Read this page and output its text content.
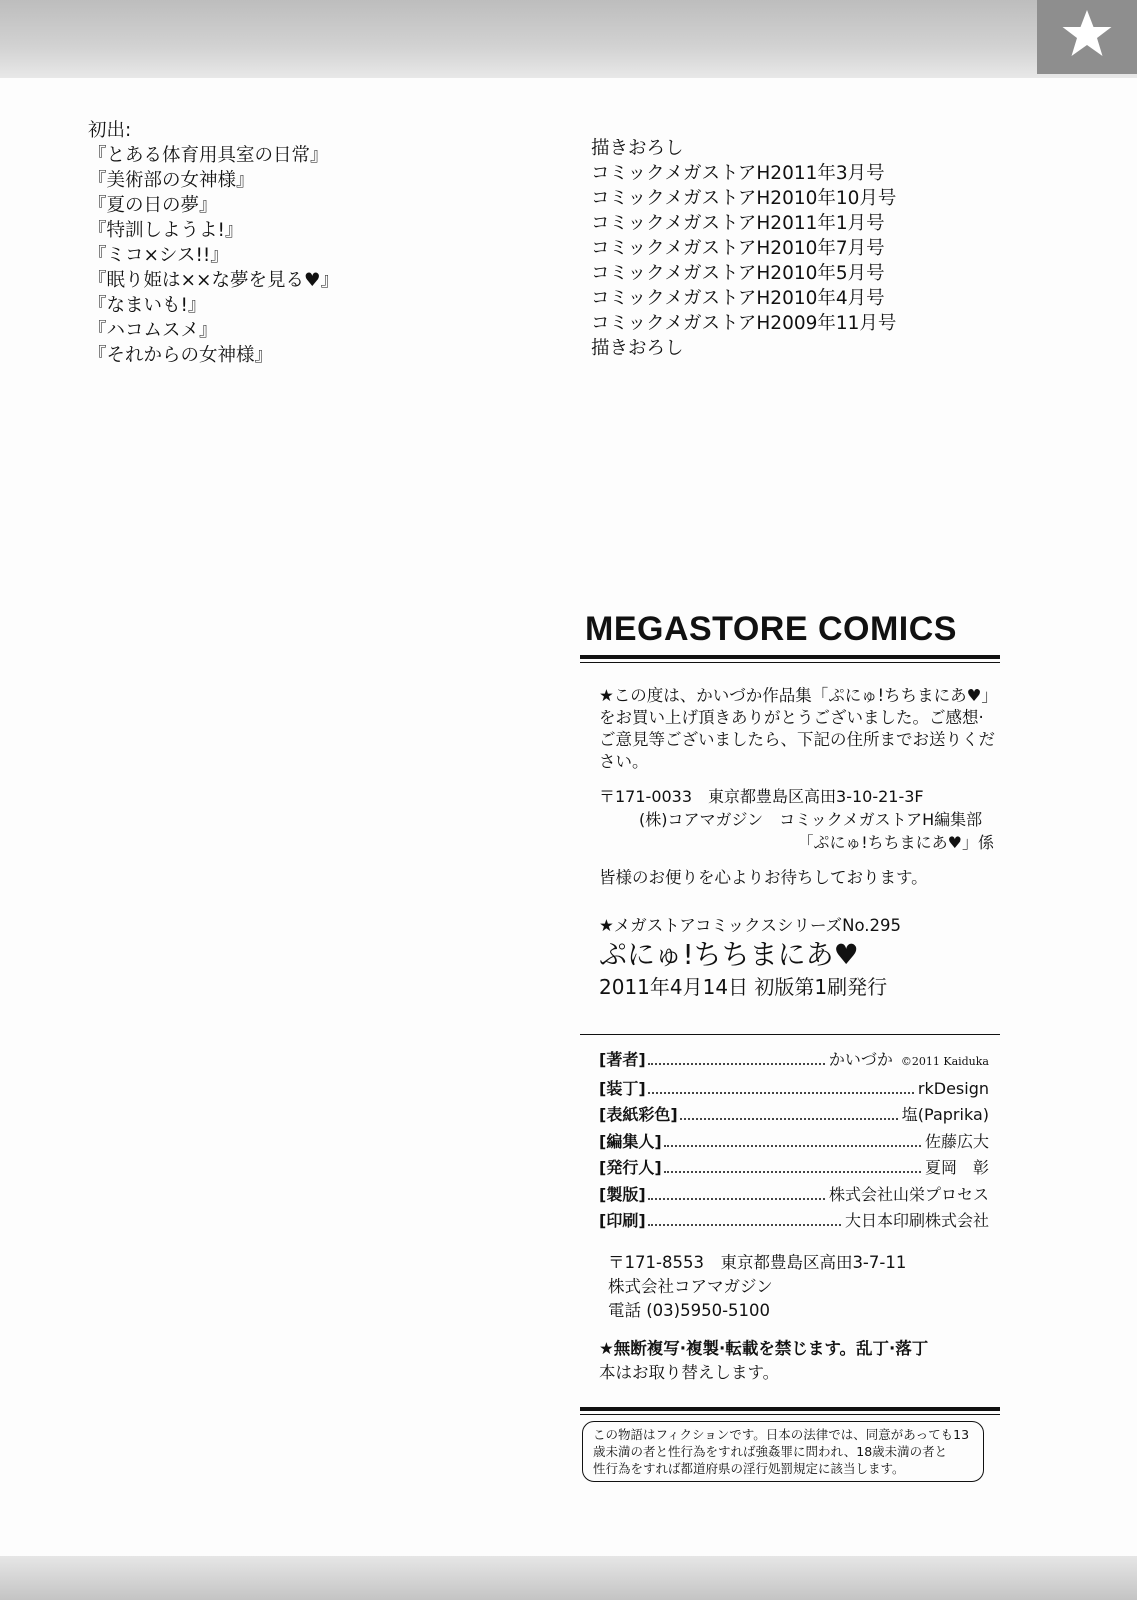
初出:
『とある体育用具室の日常』
『美術部の女神様』
『夏の日の夢』
『特訓しようよ!』
『ミコ×シス!!』
『眠り姫は××な夢を見る♥』
『なまいも!』
『ハコムスメ』
『それからの女神様』
描きおろし
コミックメガストアH2011年3月号
コミックメガストアH2010年10月号
コミックメガストアH2011年1月号
コミックメガストアH2010年7月号
コミックメガストアH2010年5月号
コミックメガストアH2010年4月号
コミックメガストアH2009年11月号
描きおろし
MEGASTORE COMICS

★この度は、かいづか作品集「ぷにゅ!ちちまにあ♥」

をお買い上げ頂きありがとうございました。ご感想·

ご意見等ございましたら、下記の住所までお送りくだ

さい。

〒171-0033　東京都豊島区高田3-10-21-3F
(株)コアマガジン　コミックメガストアH編集部
「ぷにゅ!ちちまにあ♥」係
皆様のお便りを心よりお待ちしております。
★メガストアコミックスシリーズNo.295
ぷにゅ!ちちまにあ♥
2011年4月14日 初版第1刷発行
[著者]	かいづか ©2011 Kaiduka
[装丁]	rkDesign
[表紙彩色]	塩(Paprika)
[編集人]	佐藤広大
[発行人]	夏岡　彰
[製版]	株式会社山栄プロセス
[印刷]	大日本印刷株式会社
〒171-8553　東京都豊島区高田3-7-11
株式会社コアマガジン
電話 (03)5950-5100
★無断複写·複製·転載を禁じます。乱丁·落丁
本はお取り替えします。
この物語はフィクションです。日本の法律では、同意があっても13
歳未満の者と性行為をすれば強姦罪に問われ、18歳未満の者と
性行為をすれば都道府県の淫行処罰規定に該当します。
